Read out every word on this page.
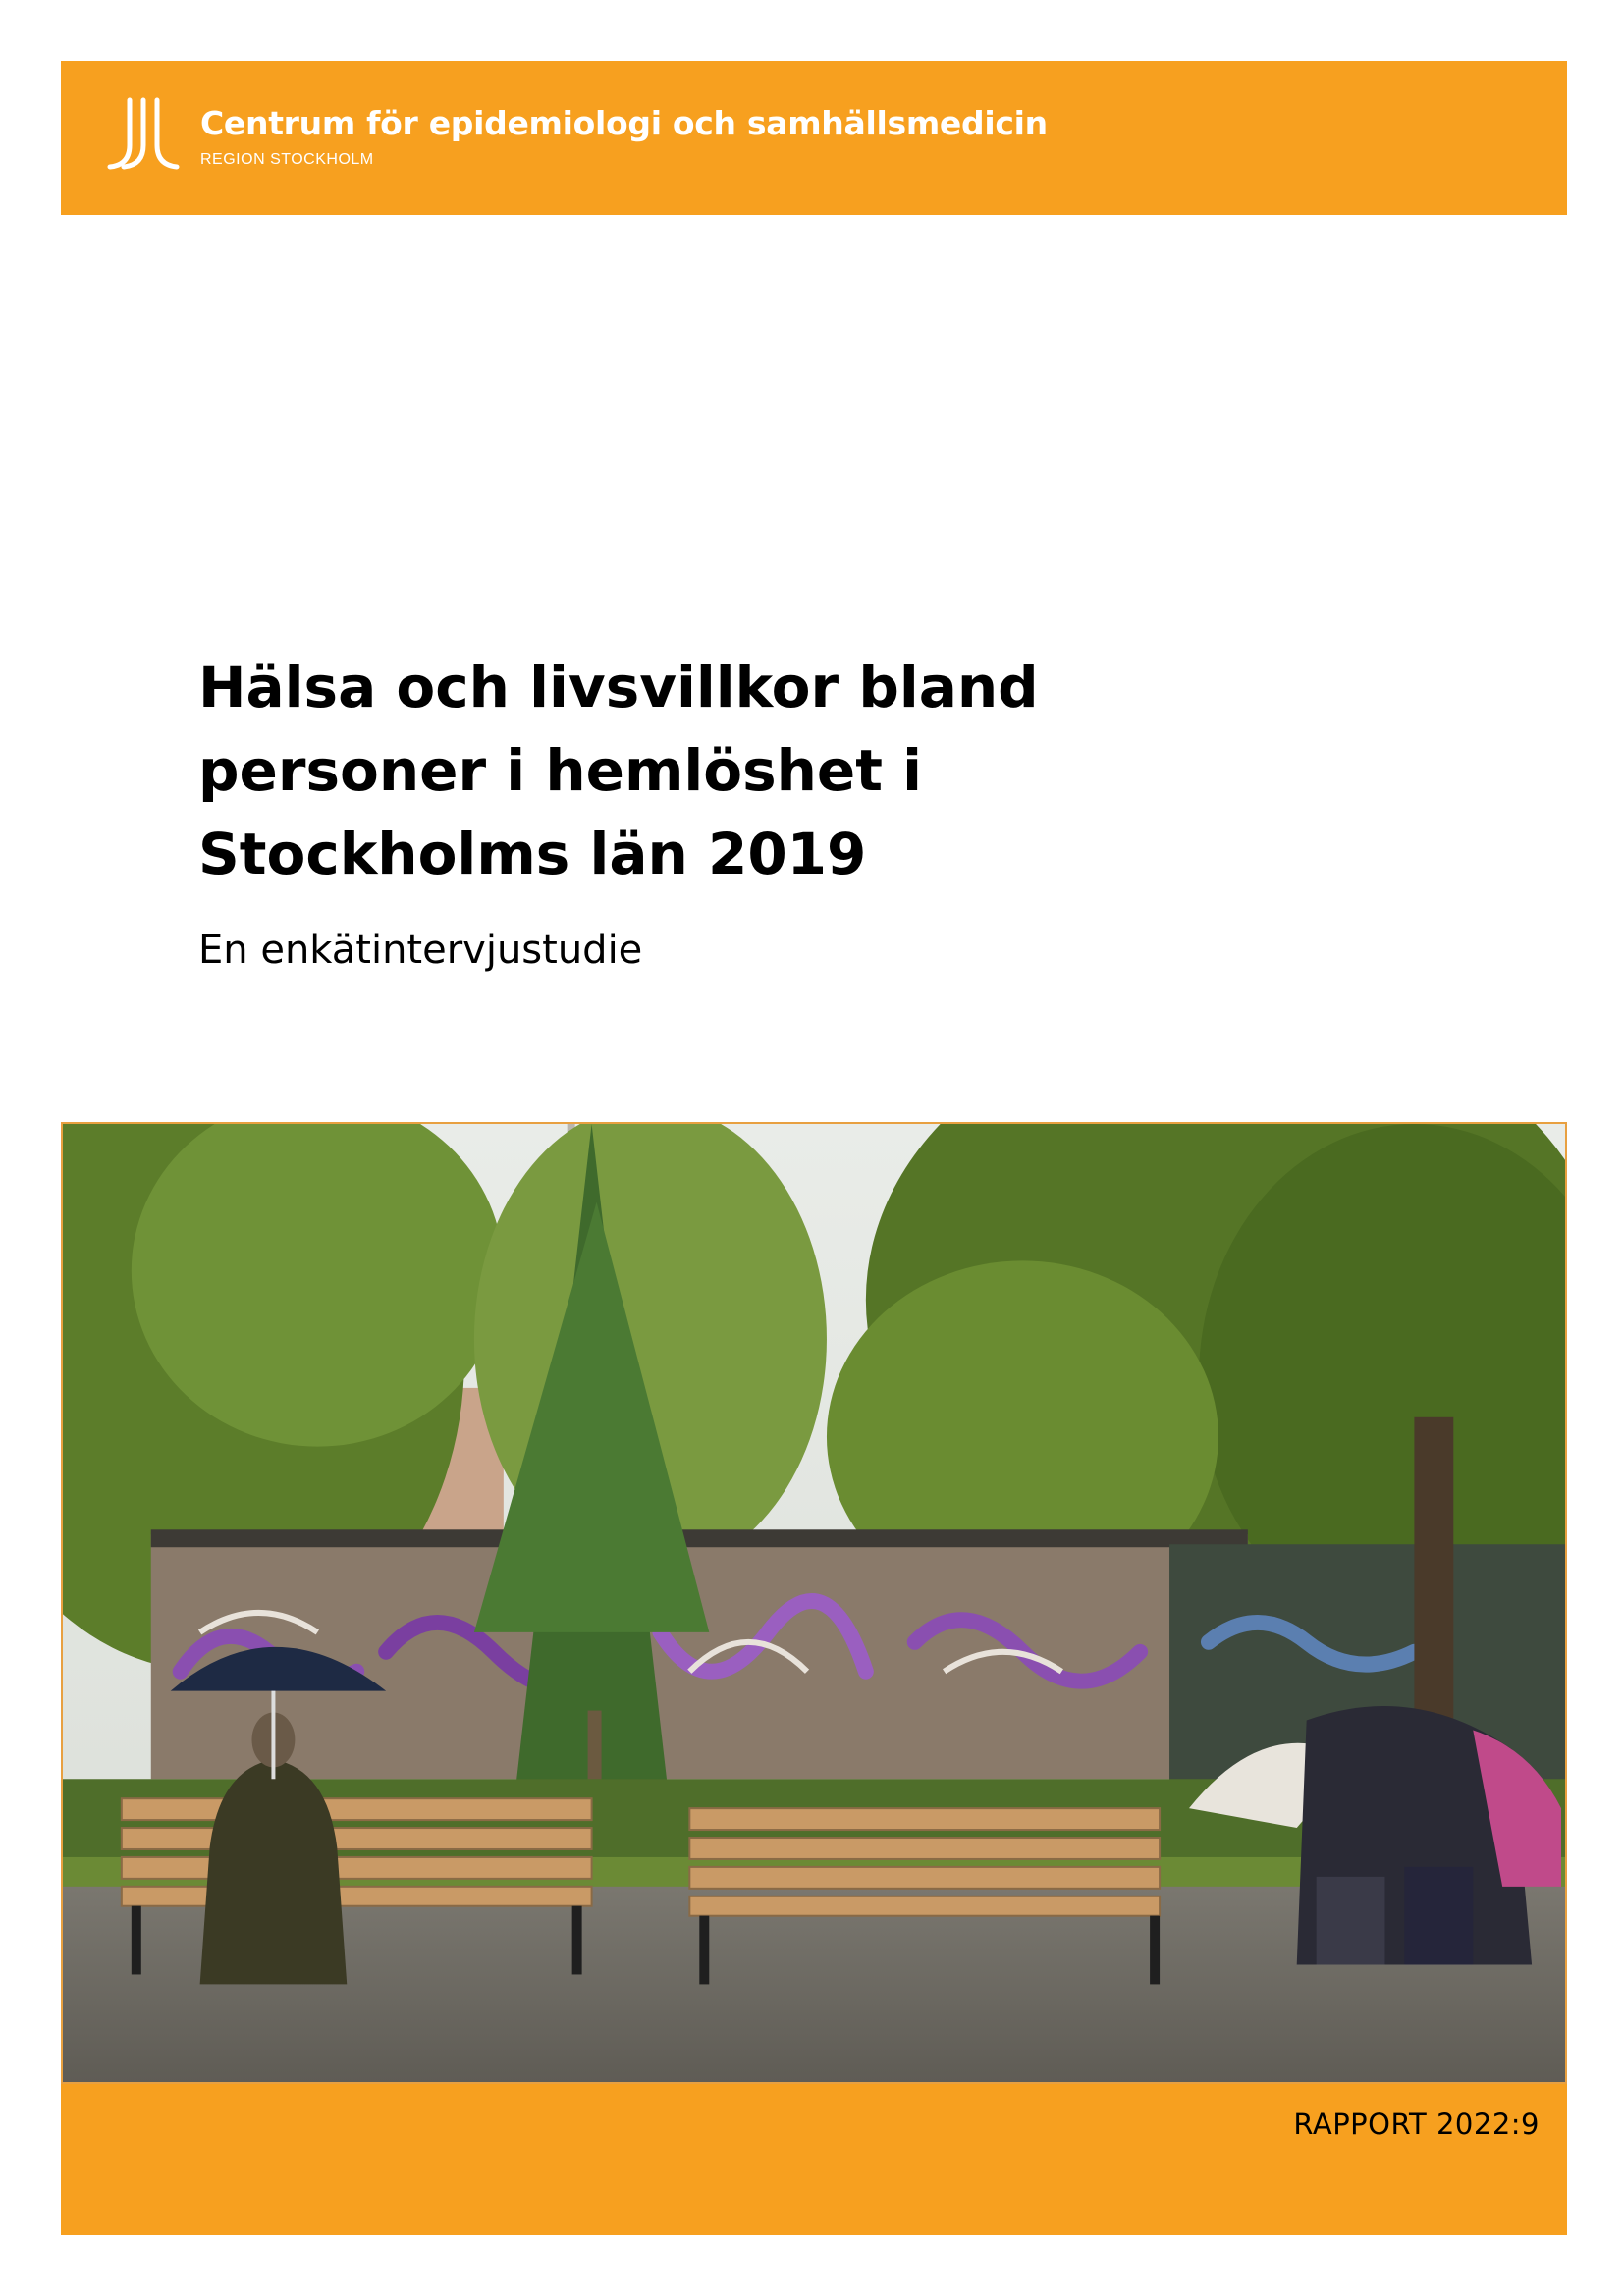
Centrum för epidemiologi och samhällsmedicin
REGION STOCKHOLM
Hälsa och livsvillkor bland
personer i hemlöshet i
Stockholms län 2019
En enkätintervjustudie
RAPPORT 2022:9
